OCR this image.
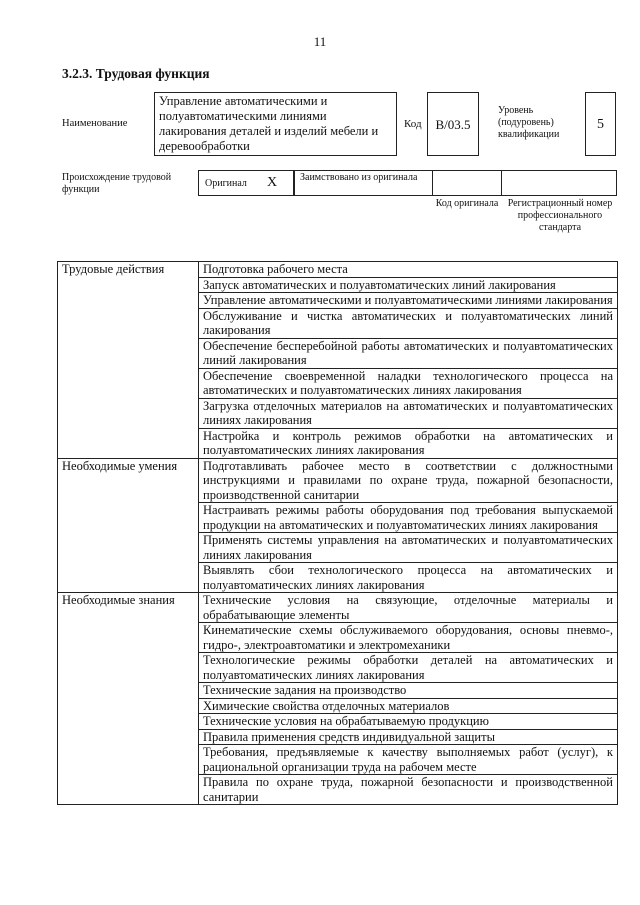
11
3.2.3. Трудовая функция
Наименование
Управление автоматическими и полуавтоматическими линиями лакирования деталей и изделий мебели и деревообработки
Код	B/03.5
Уровень (подуровень) квалификации
5
Происхождение трудовой функции
Оригинал X Заимствовано из оригинала
Код оригинала Регистрационный номер профессионального стандарта
Трудовые действия	Подготовка рабочего места
	Запуск автоматических и полуавтоматических линий лакирования
	Управление автоматическими и полуавтоматическими линиями лакирования
	Обслуживание и чистка автоматических и полуавтоматических линий лакирования
	Обеспечение бесперебойной работы автоматических и полуавтоматических линий лакирования
	Обеспечение своевременной наладки технологического процесса на автоматических и полуавтоматических линиях лакирования
	Загрузка отделочных материалов на автоматических и полуавтоматических линиях лакирования
	Настройка и контроль режимов обработки на автоматических и полуавтоматических линиях лакирования
Необходимые умения	Подготавливать рабочее место в соответствии с должностными инструкциями и правилами по охране труда, пожарной безопасности, производственной санитарии
	Настраивать режимы работы оборудования под требования выпускаемой продукции на автоматических и полуавтоматических линиях лакирования
	Применять системы управления на автоматических и полуавтоматических линиях лакирования
	Выявлять сбои технологического процесса на автоматических и полуавтоматических линиях лакирования
Необходимые знания	Технические условия на связующие, отделочные материалы и обрабатывающие элементы
	Кинематические схемы обслуживаемого оборудования, основы пневмо-, гидро-, электроавтоматики и электромеханики
	Технологические режимы обработки деталей на автоматических и полуавтоматических линиях лакирования
	Технические задания на производство
	Химические свойства отделочных материалов
	Технические условия на обрабатываемую продукцию
	Правила применения средств индивидуальной защиты
	Требования, предъявляемые к качеству выполняемых работ (услуг), к рациональной организации труда на рабочем месте
	Правила по охране труда, пожарной безопасности и производственной санитарии
